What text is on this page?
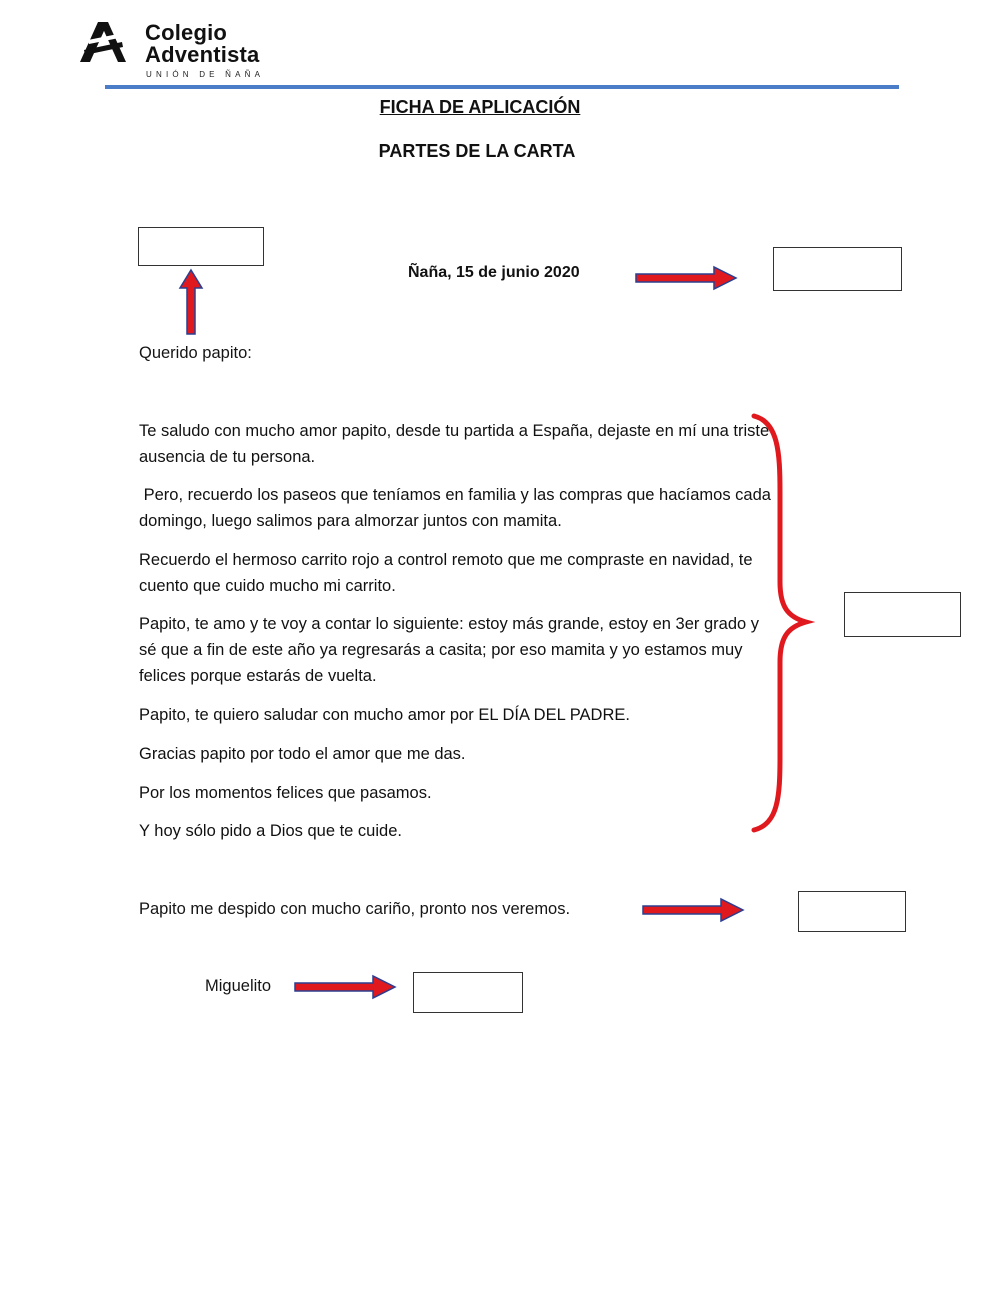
Colegio
Adventista
UNIÓN DE ÑAÑA
FICHA DE APLICACIÓN
PARTES DE LA CARTA
Ñaña, 15 de junio 2020
Querido papito:
Te saludo con mucho amor papito, desde tu partida a España, dejaste en mí una triste ausencia de tu persona.
Pero, recuerdo los paseos que teníamos en familia y las compras que hacíamos cada domingo, luego salimos para almorzar juntos con mamita.
Recuerdo el hermoso carrito rojo a control remoto que me compraste en navidad, te cuento que cuido mucho mi carrito.
Papito, te amo y te voy a contar lo siguiente: estoy más grande, estoy en 3er grado y sé que a fin de este año ya regresarás a casita; por eso mamita y yo estamos muy felices porque estarás de vuelta.
Papito, te quiero saludar con mucho amor por EL DÍA DEL PADRE.
Gracias papito por todo el amor que me das.
Por los momentos felices que pasamos.
Y hoy sólo pido a Dios que te cuide.
Papito me despido con mucho cariño, pronto nos veremos.
Miguelito
